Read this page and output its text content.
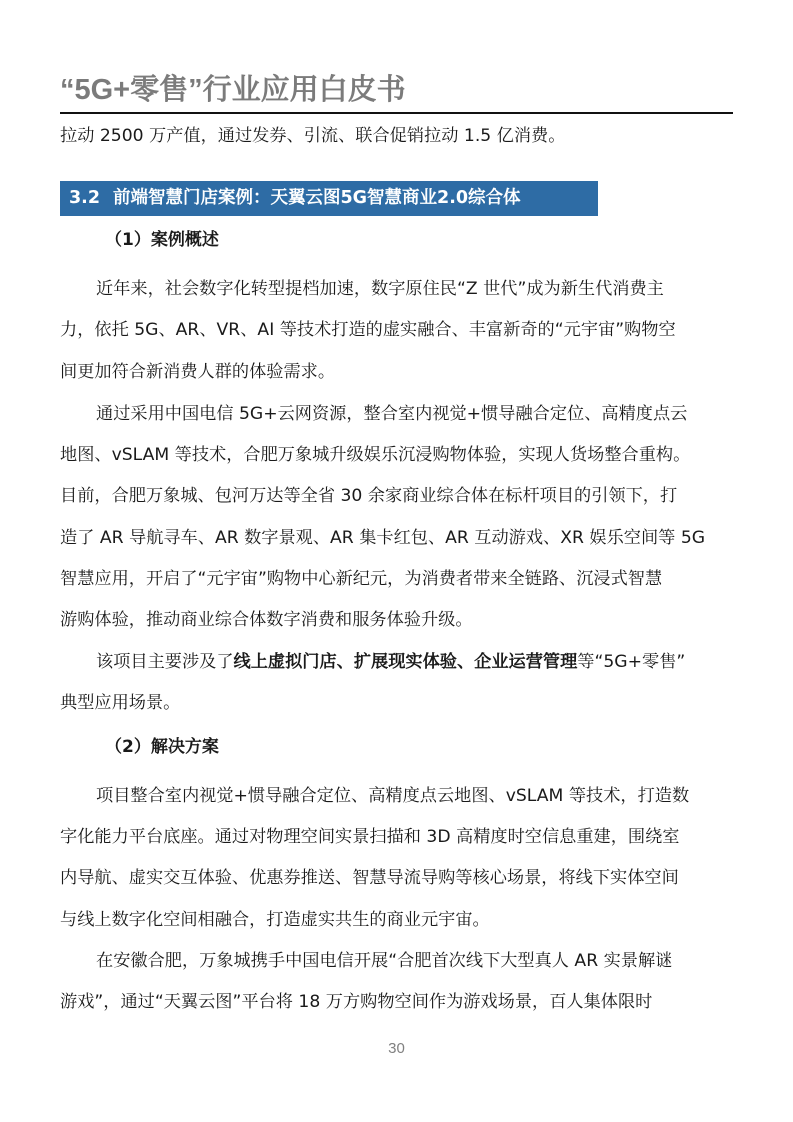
“5G+零售”行业应用白皮书
拉动 2500 万产值，通过发券、引流、联合促销拉动 1.5 亿消费。
3.2 前端智慧门店案例：天翼云图5G智慧商业2.0综合体
（1）案例概述
近年来，社会数字化转型提档加速，数字原住民“Z 世代”成为新生代消费主
力，依托 5G、AR、VR、AI 等技术打造的虚实融合、丰富新奇的“元宇宙”购物空
间更加符合新消费人群的体验需求。
通过采用中国电信 5G+云网资源，整合室内视觉+惯导融合定位、高精度点云
地图、vSLAM 等技术，合肥万象城升级娱乐沉浸购物体验，实现人货场整合重构。
目前，合肥万象城、包河万达等全省 30 余家商业综合体在标杆项目的引领下，打
造了 AR 导航寻车、AR 数字景观、AR 集卡红包、AR 互动游戏、XR 娱乐空间等 5G
智慧应用，开启了“元宇宙”购物中心新纪元，为消费者带来全链路、沉浸式智慧
游购体验，推动商业综合体数字消费和服务体验升级。
该项目主要涉及了线上虚拟门店、扩展现实体验、企业运营管理等“5G+零售”
典型应用场景。
（2）解决方案
项目整合室内视觉+惯导融合定位、高精度点云地图、vSLAM 等技术，打造数
字化能力平台底座。通过对物理空间实景扫描和 3D 高精度时空信息重建，围绕室
内导航、虚实交互体验、优惠券推送、智慧导流导购等核心场景，将线下实体空间
与线上数字化空间相融合，打造虚实共生的商业元宇宙。
在安徽合肥，万象城携手中国电信开展“合肥首次线下大型真人 AR 实景解谜
游戏”，通过“天翼云图”平台将 18 万方购物空间作为游戏场景，百人集体限时
30
